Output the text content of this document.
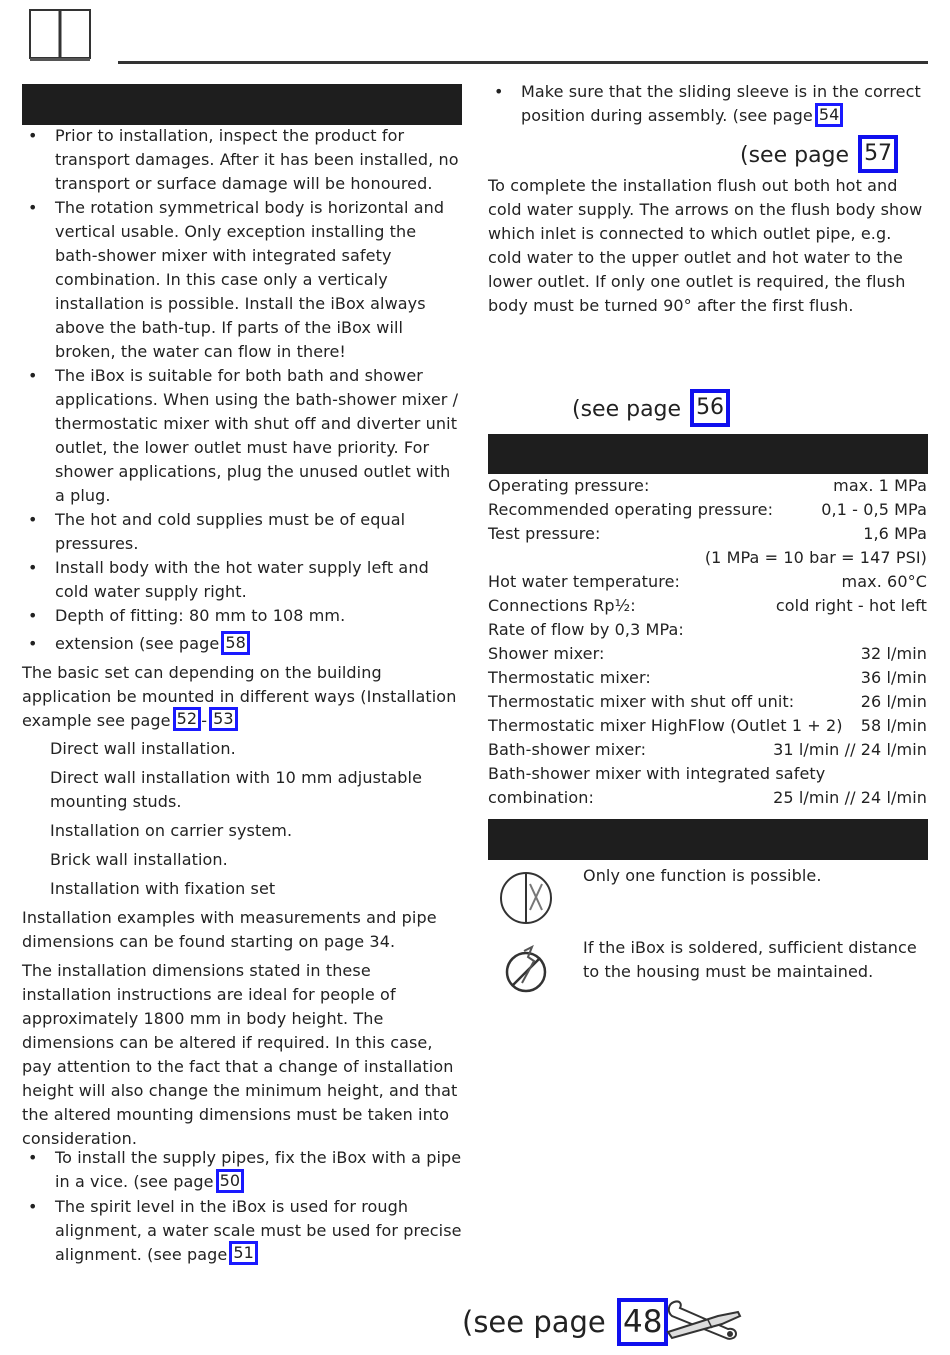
• Prior to installation, inspect the product for transport damages. After it has been installed, no transport or surface damage will be honoured.
• The rotation symmetrical body is horizontal and vertical usable. Only exception installing the bath-shower mixer with integrated safety combination. In this case only a verticaly installation is possible. Install the iBox always above the bath-tup. If parts of the iBox will broken, the water can flow in there!
• The iBox is suitable for both bath and shower applications. When using the bath-shower mixer / thermostatic mixer with shut off and diverter unit outlet, the lower outlet must have priority. For shower applications, plug the unused outlet with a plug.
• The hot and cold supplies must be of equal pressures.
• Install body with the hot water supply left and cold water supply right.
• Depth of fitting: 80 mm to 108 mm.
• extension (see page 58
The basic set can depending on the building application be mounted in different ways (Installation example see page 52 - 53
Direct wall installation.
Direct wall installation with 10 mm adjustable mounting studs.
Installation on carrier system.
Brick wall installation.
Installation with fixation set
Installation examples with measurements and pipe dimensions can be found starting on page 34.
The installation dimensions stated in these installation instructions are ideal for people of approximately 1800 mm in body height. The dimensions can be altered if required. In this case, pay attention to the fact that a change of installation height will also change the minimum height, and that the altered mounting dimensions must be taken into consideration.
• To install the supply pipes, fix the iBox with a pipe in a vice. (see page 50
• The spirit level in the iBox is used for rough alignment, a water scale must be used for precise alignment. (see page 51
• Make sure that the sliding sleeve is in the correct position during assembly. (see page 54
(see page 57
To complete the installation flush out both hot and cold water supply. The arrows on the flush body show which inlet is connected to which outlet pipe, e.g. cold water to the upper outlet and hot water to the lower outlet. If only one outlet is required, the flush body must be turned 90° after the first flush.
(see page 56
Operating pressure:	max. 1 MPa
Recommended operating pressure:	0,1 - 0,5 MPa
Test pressure:	1,6 MPa
(1 MPa = 10 bar = 147 PSI)
Hot water temperature:	max. 60°C
Connections Rp½:	cold right - hot left
Rate of flow by 0,3 MPa:
Shower mixer:	32 l/min
Thermostatic mixer:	36 l/min
Thermostatic mixer with shut off unit:	26 l/min
Thermostatic mixer HighFlow (Outlet 1 + 2) 58 l/min
Bath-shower mixer:	31 l/min // 24 l/min
Bath-shower mixer with integrated safety
combination:	25 l/min // 24 l/min
Only one function is possible.
If the iBox is soldered, sufficient distance to the housing must be maintained.
(see page 48
